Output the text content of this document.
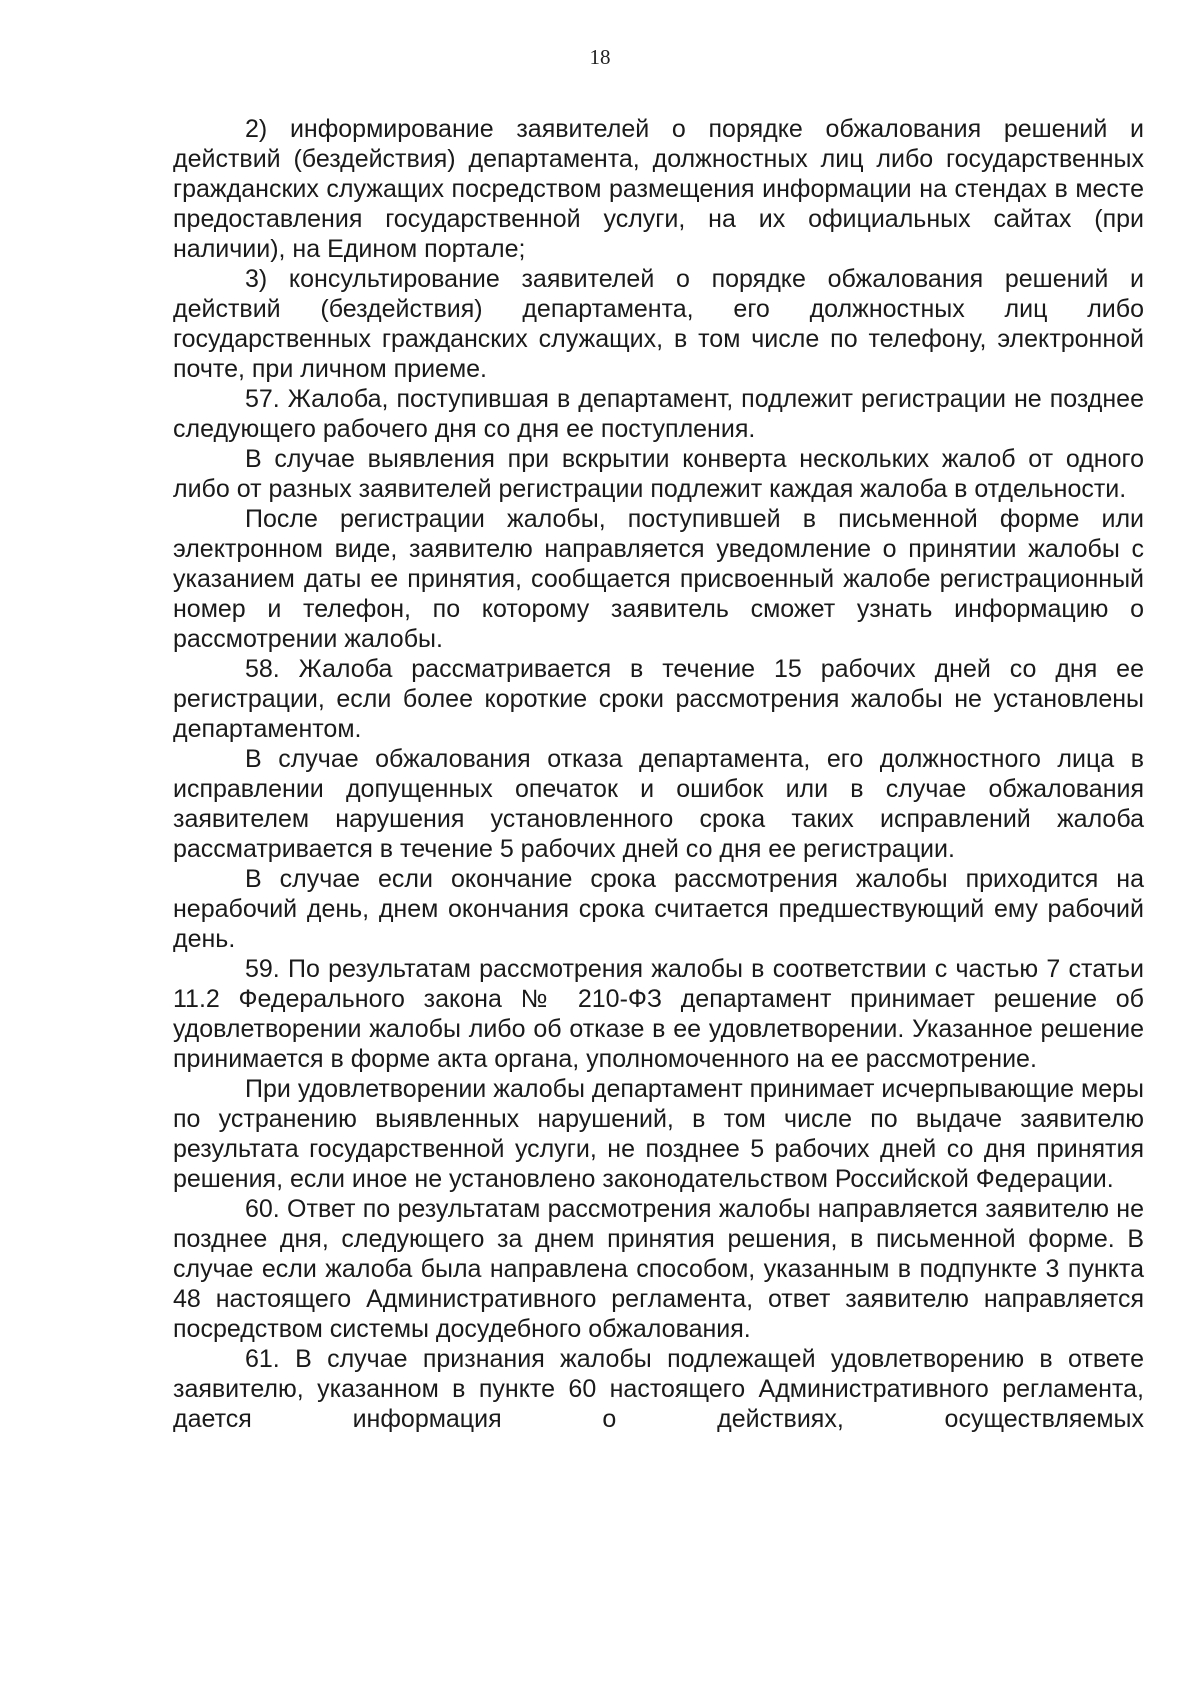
18

2) информирование заявителей о порядке обжалования решений и действий (бездействия) департамента, должностных лиц либо государственных гражданских служащих посредством размещения информации на стендах в месте предоставления государственной услуги, на их официальных сайтах (при наличии), на Едином портале;

3) консультирование заявителей о порядке обжалования решений и действий (бездействия) департамента, его должностных лиц либо государственных гражданских служащих, в том числе по телефону, электронной почте, при личном приеме.

57. Жалоба, поступившая в департамент, подлежит регистрации не позднее следующего рабочего дня со дня ее поступления.

В случае выявления при вскрытии конверта нескольких жалоб от одного либо от разных заявителей регистрации подлежит каждая жалоба в отдельности.

После регистрации жалобы, поступившей в письменной форме или электронном виде, заявителю направляется уведомление о принятии жалобы с указанием даты ее принятия, сообщается присвоенный жалобе регистрационный номер и телефон, по которому заявитель сможет узнать информацию о рассмотрении жалобы.

58. Жалоба рассматривается в течение 15 рабочих дней со дня ее регистрации, если более короткие сроки рассмотрения жалобы не установлены департаментом.

В случае обжалования отказа департамента, его должностного лица в исправлении допущенных опечаток и ошибок или в случае обжалования заявителем нарушения установленного срока таких исправлений жалоба рассматривается в течение 5 рабочих дней со дня ее регистрации.

В случае если окончание срока рассмотрения жалобы приходится на нерабочий день, днем окончания срока считается предшествующий ему рабочий день.

59. По результатам рассмотрения жалобы в соответствии с частью 7 статьи 11.2 Федерального закона № 210-ФЗ департамент принимает решение об удовлетворении жалобы либо об отказе в ее удовлетворении. Указанное решение принимается в форме акта органа, уполномоченного на ее рассмотрение.

При удовлетворении жалобы департамент принимает исчерпывающие меры по устранению выявленных нарушений, в том числе по выдаче заявителю результата государственной услуги, не позднее 5 рабочих дней со дня принятия решения, если иное не установлено законодательством Российской Федерации.

60. Ответ по результатам рассмотрения жалобы направляется заявителю не позднее дня, следующего за днем принятия решения, в письменной форме. В случае если жалоба была направлена способом, указанным в подпункте 3 пункта 48 настоящего Административного регламента, ответ заявителю направляется посредством системы досудебного обжалования.

61. В случае признания жалобы подлежащей удовлетворению в ответе заявителю, указанном в пункте 60 настоящего Административного регламента, дается информация о действиях, осуществляемых
